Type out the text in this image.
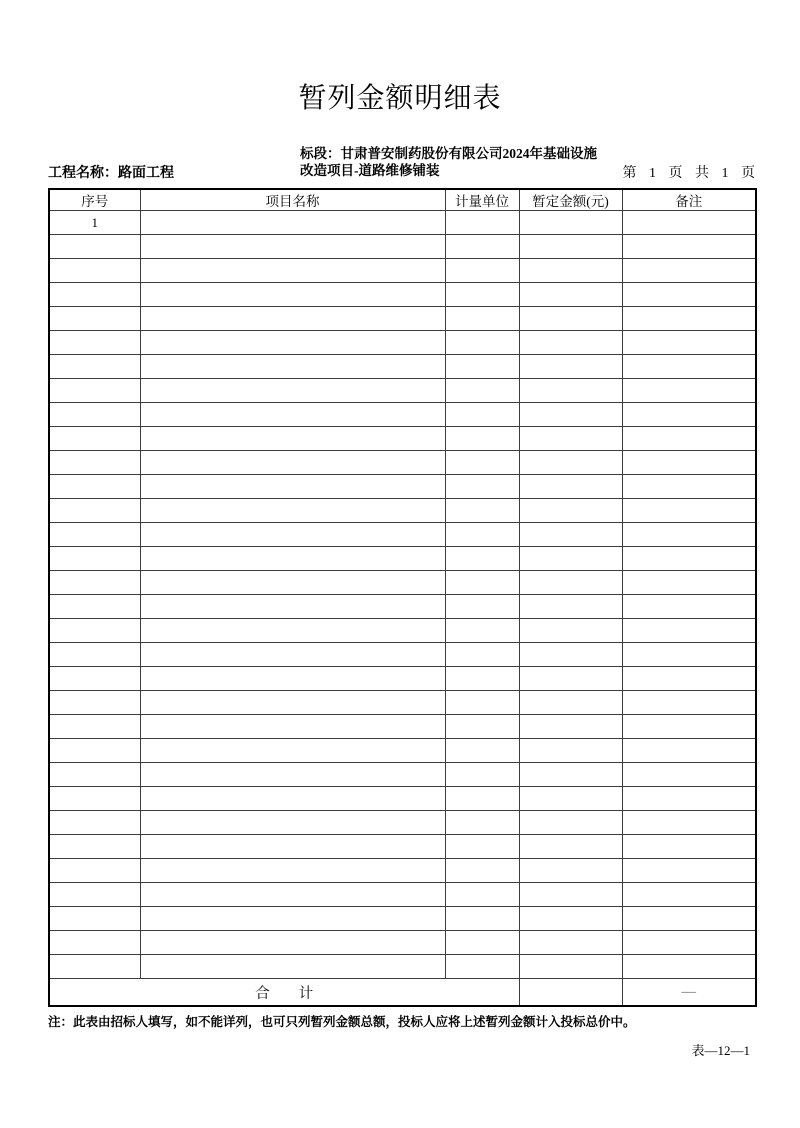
暂列金额明细表
工程名称：路面工程
标段：甘肃普安制药股份有限公司2024年基础设施改造项目-道路维修铺装	第 1 页 共 1 页
序号	项目名称	计量单位	暂定金额(元)	备注
1				

合　　计				—
注：此表由招标人填写，如不能详列，也可只列暂列金额总额，投标人应将上述暂列金额计入投标总价中。
表—12—1
